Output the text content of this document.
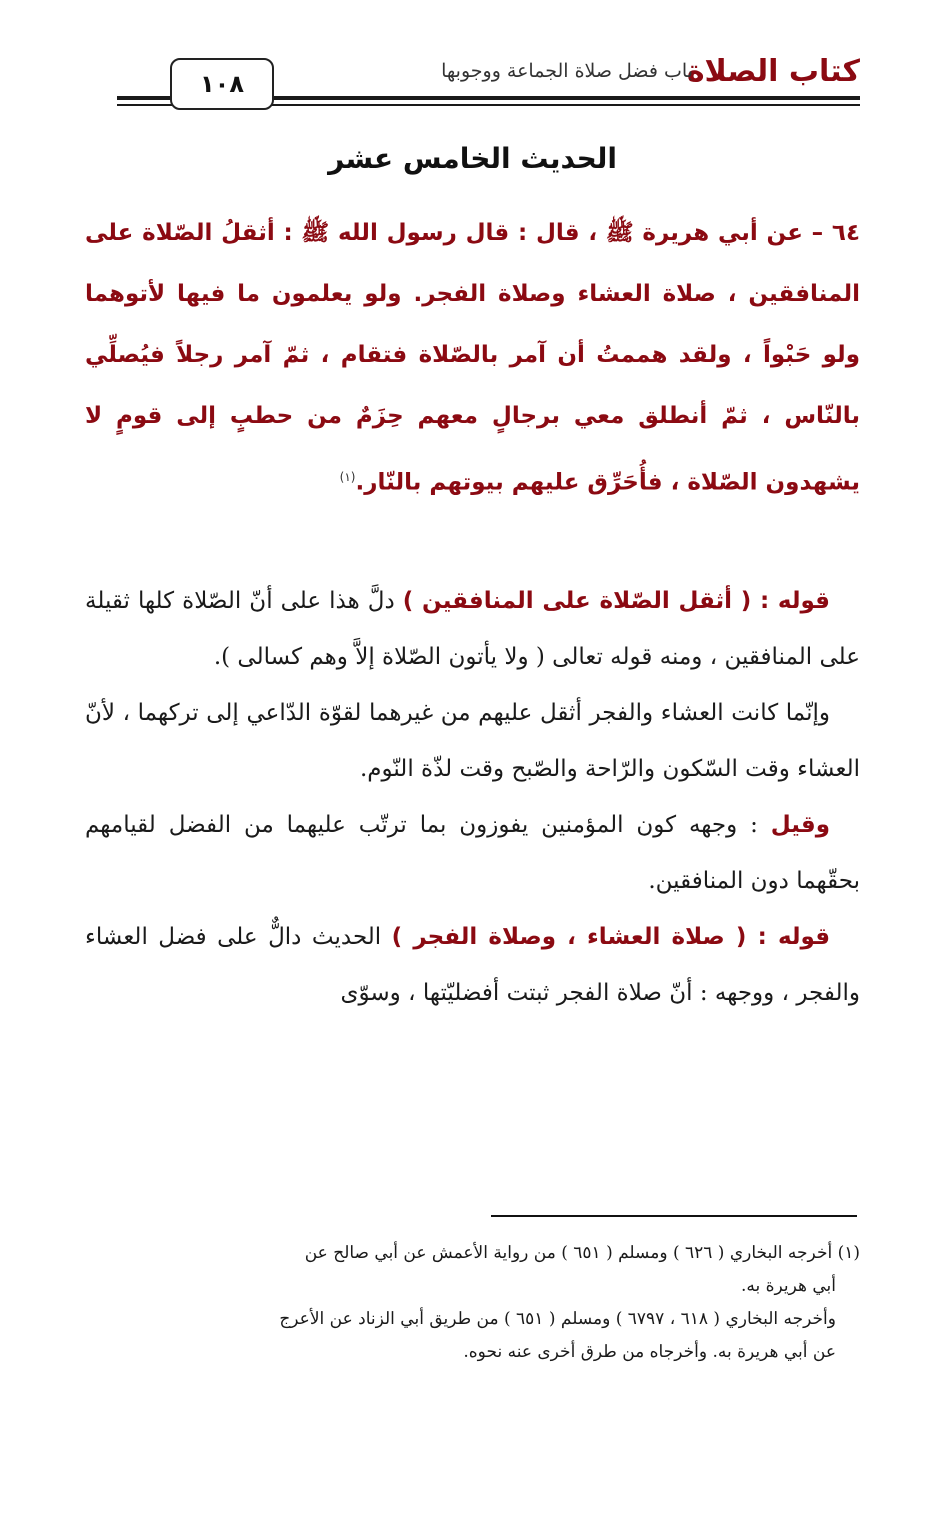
كتاب الصلاة
باب فضل صلاة الجماعة ووجوبها
١٠٨
الحديث الخامس عشر
٦٤ – عن أبي هريرة ﷺ ، قال : قال رسول الله ﷺ : أثقلُ الصّلاة على المنافقين ، صلاة العشاء وصلاة الفجر. ولو يعلمون ما فيها لأتوهما ولو حَبْواً ، ولقد هممتُ أن آمر بالصّلاة فتقام ، ثمّ آمر رجلاً فيُصلِّي بالنّاس ، ثمّ أنطلق معي برجالٍ معهم حِزَمٌ من حطبٍ إلى قومٍ لا يشهدون الصّلاة ، فأُحَرِّق عليهم بيوتهم بالنّار.$^{(١)}$

قوله : ( أثقل الصّلاة على المنافقين ) دلَّ هذا على أنّ الصّلاة كلها ثقيلة على المنافقين ، ومنه قوله تعالى ( ولا يأتون الصّلاة إلاَّ وهم كسالى ).

وإنّما كانت العشاء والفجر أثقل عليهم من غيرهما لقوّة الدّاعي إلى تركهما ، لأنّ العشاء وقت السّكون والرّاحة والصّبح وقت لذّة النّوم.

وقيل : وجهه كون المؤمنين يفوزون بما ترتّب عليهما من الفضل لقيامهم بحقّهما دون المنافقين.

قوله : ( صلاة العشاء ، وصلاة الفجر ) الحديث دالٌّ على فضل العشاء والفجر ، ووجهه : أنّ صلاة الفجر ثبتت أفضليّتها ، وسوّى

(١) أخرجه البخاري ( ٦٢٦ ) ومسلم ( ٦٥١ ) من رواية الأعمش عن أبي صالح عن

أبي هريرة به.

وأخرجه البخاري ( ٦١٨ ، ٦٧٩٧ ) ومسلم ( ٦٥١ ) من طريق أبي الزناد عن الأعرج

عن أبي هريرة به. وأخرجاه من طرق أخرى عنه نحوه.
